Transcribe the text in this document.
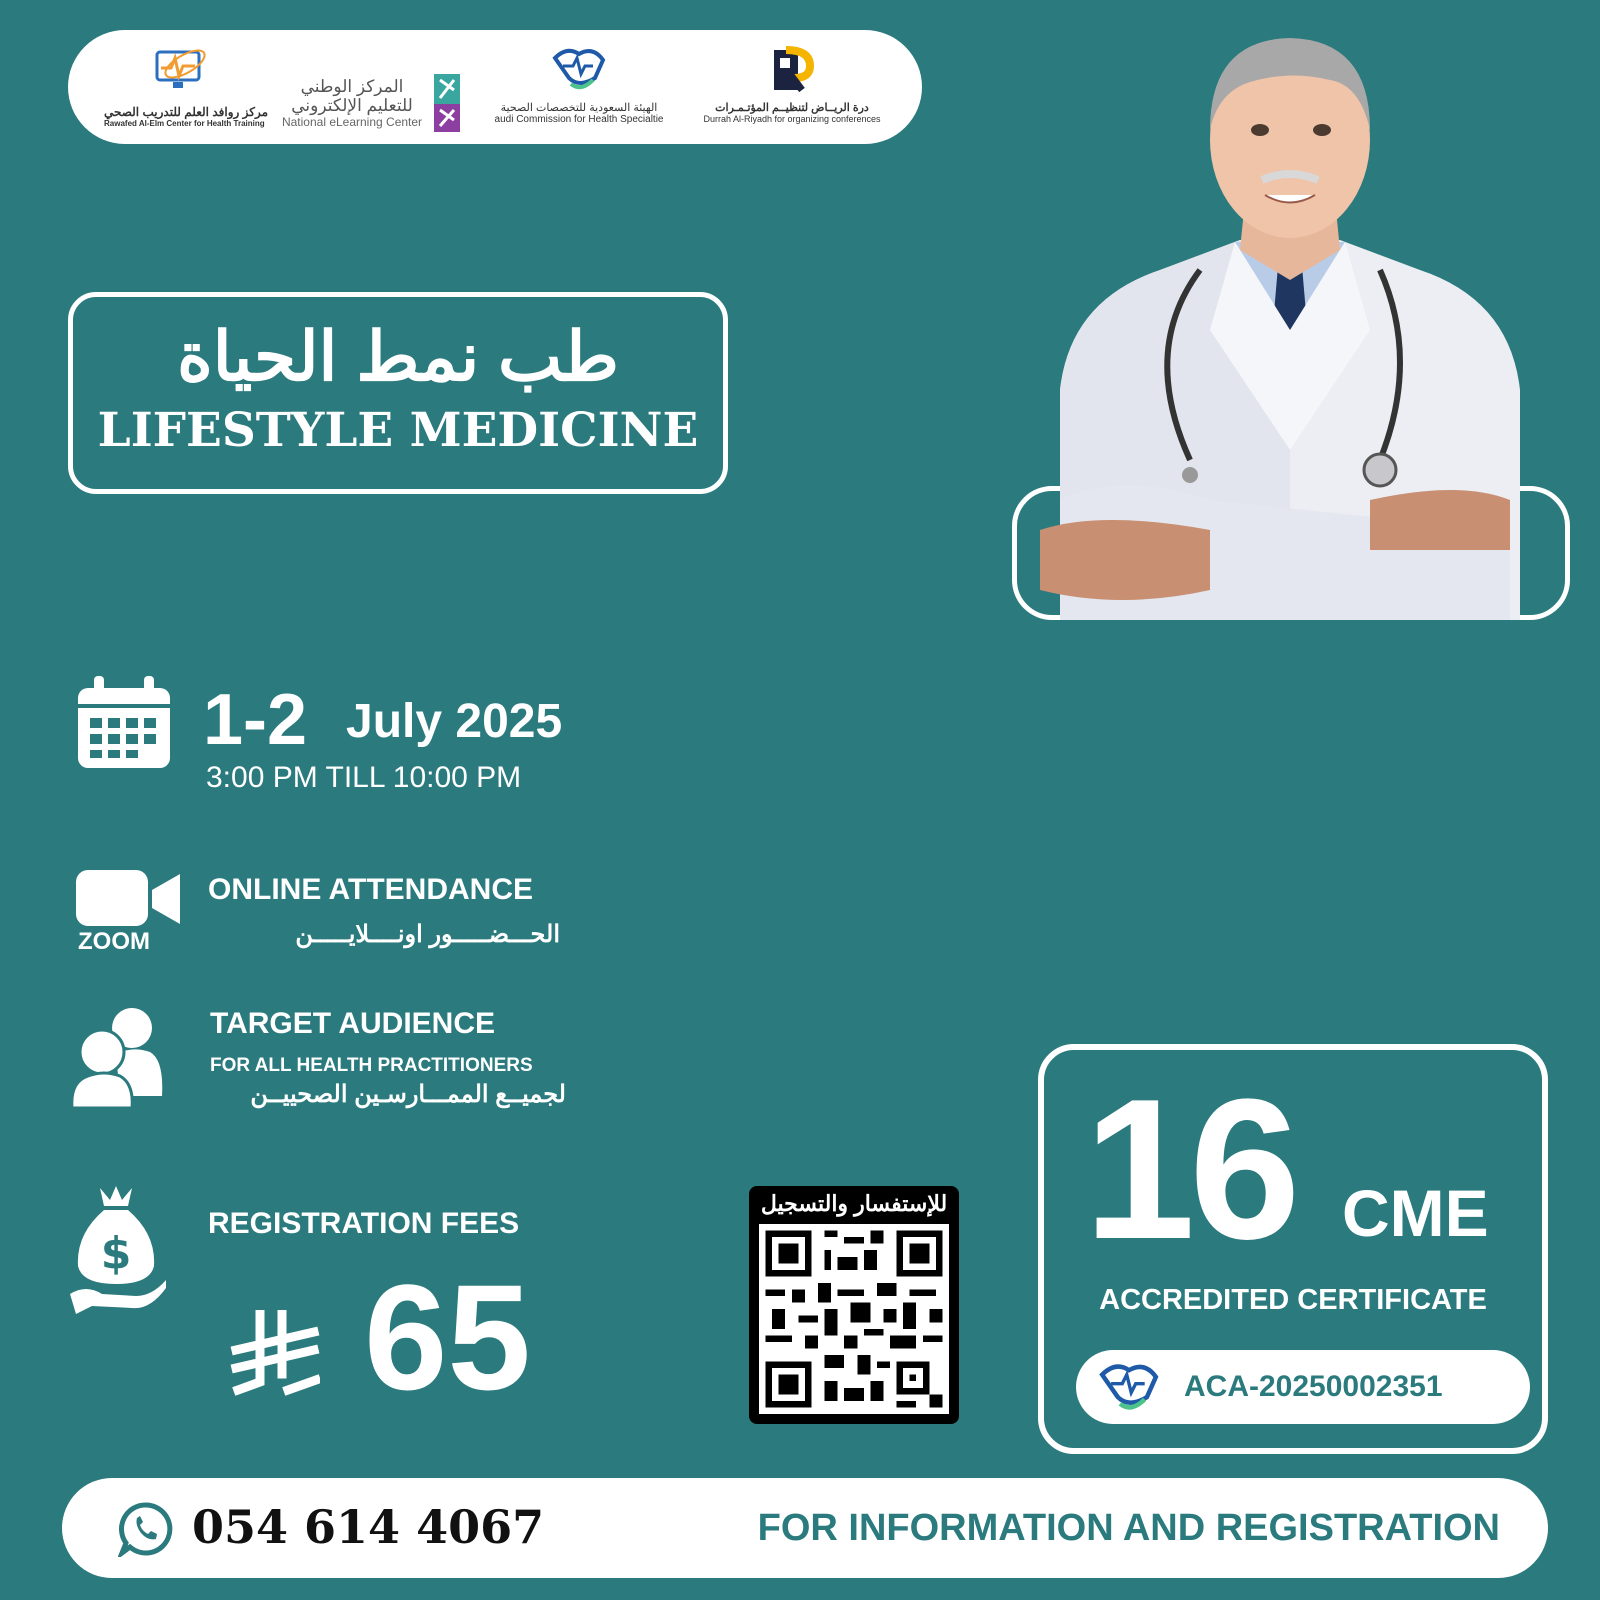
مركز روافد العلم للتدريب الصحي
Rawafed Al-Elm Center for Health Training
المركز الوطني
للتعليم الإلكتروني
National eLearning Center
الهيئة السعودية للتخصصات الصحية
audi Commission for Health Specialtie
درة الريــاض لتنظيــم المؤتـمـرات
Durrah Al-Riyadh for organizing conferences
طب نمط الحياة
LIFESTYLE MEDICINE
1-2 July 2025
3:00 PM TILL 10:00 PM
ZOOM
ONLINE ATTENDANCE
الحـــضـــــور اونــــلايـــــن
TARGET AUDIENCE
FOR ALL HEALTH PRACTITIONERS
لجميــع الممـــارسـين الصحييــن
$
REGISTRATION FEES
65
للإستفسار والتسجيل 16 CME
ACCREDITED CERTIFICATE
ACA-20250002351
054 614 4067	FOR INFORMATION AND REGISTRATION
